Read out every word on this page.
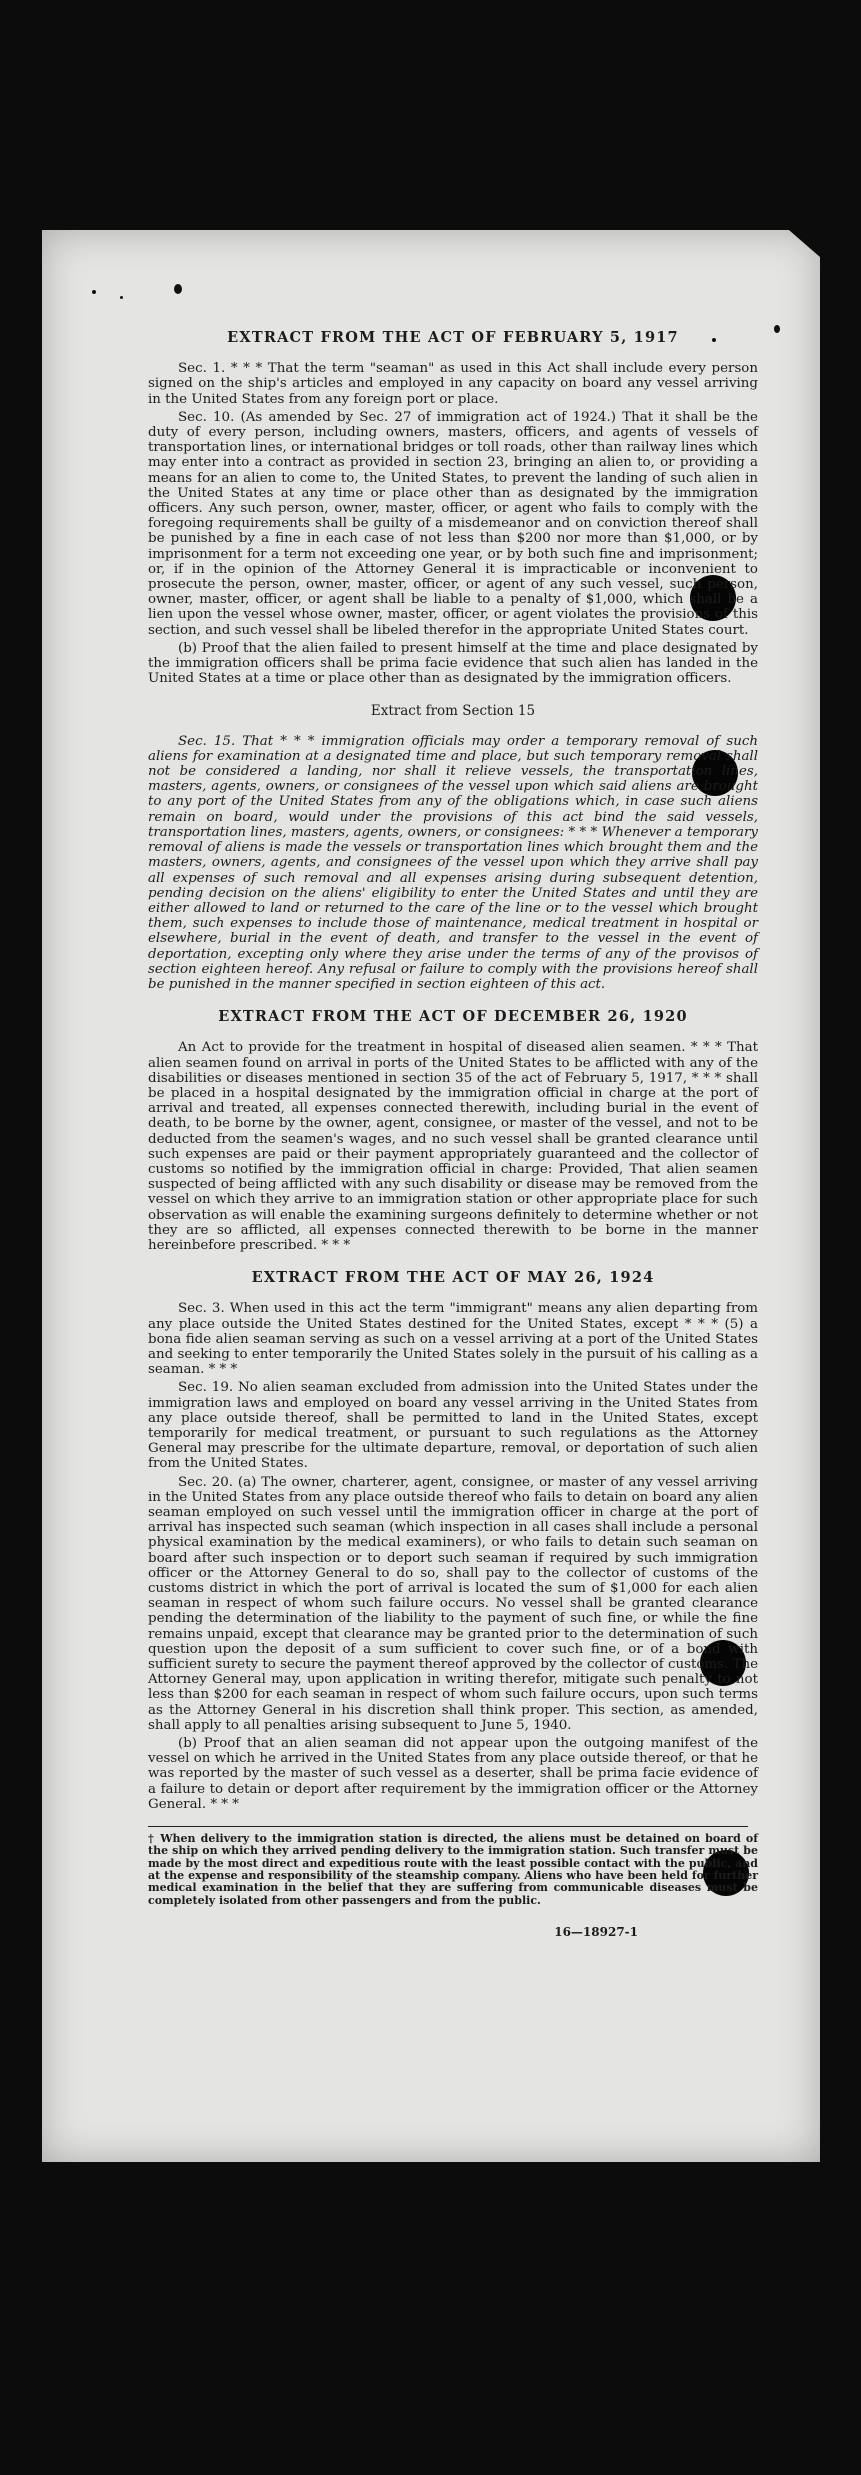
EXTRACT FROM THE ACT OF FEBRUARY 5, 1917

Sec. 1. * * * That the term "seaman" as used in this Act shall include every person signed on the ship's articles and employed in any capacity on board any vessel arriving in the United States from any foreign port or place.

Sec. 10. (As amended by Sec. 27 of immigration act of 1924.) That it shall be the duty of every person, including owners, masters, officers, and agents of vessels of transportation lines, or international bridges or toll roads, other than railway lines which may enter into a contract as provided in section 23, bringing an alien to, or providing a means for an alien to come to, the United States, to prevent the landing of such alien in the United States at any time or place other than as designated by the immigration officers. Any such person, owner, master, officer, or agent who fails to comply with the foregoing requirements shall be guilty of a misdemeanor and on conviction thereof shall be punished by a fine in each case of not less than $200 nor more than $1,000, or by imprisonment for a term not exceeding one year, or by both such fine and imprisonment; or, if in the opinion of the Attorney General it is impracticable or inconvenient to prosecute the person, owner, master, officer, or agent of any such vessel, such person, owner, master, officer, or agent shall be liable to a penalty of $1,000, which shall be a lien upon the vessel whose owner, master, officer, or agent violates the provisions of this section, and such vessel shall be libeled therefor in the appropriate United States court.

(b) Proof that the alien failed to present himself at the time and place designated by the immigration officers shall be prima facie evidence that such alien has landed in the United States at a time or place other than as designated by the immigration officers.

Extract from Section 15

Sec. 15. That * * * immigration officials may order a temporary removal of such aliens for examination at a designated time and place, but such temporary removal shall not be considered a landing, nor shall it relieve vessels, the transportation lines, masters, agents, owners, or consignees of the vessel upon which said aliens are brought to any port of the United States from any of the obligations which, in case such aliens remain on board, would under the provisions of this act bind the said vessels, transportation lines, masters, agents, owners, or consignees: * * * Whenever a temporary removal of aliens is made the vessels or transportation lines which brought them and the masters, owners, agents, and consignees of the vessel upon which they arrive shall pay all expenses of such removal and all expenses arising during subsequent detention, pending decision on the aliens' eligibility to enter the United States and until they are either allowed to land or returned to the care of the line or to the vessel which brought them, such expenses to include those of maintenance, medical treatment in hospital or elsewhere, burial in the event of death, and transfer to the vessel in the event of deportation, excepting only where they arise under the terms of any of the provisos of section eighteen hereof. Any refusal or failure to comply with the provisions hereof shall be punished in the manner specified in section eighteen of this act.

EXTRACT FROM THE ACT OF DECEMBER 26, 1920

An Act to provide for the treatment in hospital of diseased alien seamen. * * * That alien seamen found on arrival in ports of the United States to be afflicted with any of the disabilities or diseases mentioned in section 35 of the act of February 5, 1917, * * * shall be placed in a hospital designated by the immigration official in charge at the port of arrival and treated, all expenses connected therewith, including burial in the event of death, to be borne by the owner, agent, consignee, or master of the vessel, and not to be deducted from the seamen's wages, and no such vessel shall be granted clearance until such expenses are paid or their payment appropriately guaranteed and the collector of customs so notified by the immigration official in charge: Provided, That alien seamen suspected of being afflicted with any such disability or disease may be removed from the vessel on which they arrive to an immigration station or other appropriate place for such observation as will enable the examining surgeons definitely to determine whether or not they are so afflicted, all expenses connected therewith to be borne in the manner hereinbefore prescribed. * * *

EXTRACT FROM THE ACT OF MAY 26, 1924

Sec. 3. When used in this act the term "immigrant" means any alien departing from any place outside the United States destined for the United States, except * * * (5) a bona fide alien seaman serving as such on a vessel arriving at a port of the United States and seeking to enter temporarily the United States solely in the pursuit of his calling as a seaman. * * *

Sec. 19. No alien seaman excluded from admission into the United States under the immigration laws and employed on board any vessel arriving in the United States from any place outside thereof, shall be permitted to land in the United States, except temporarily for medical treatment, or pursuant to such regulations as the Attorney General may prescribe for the ultimate departure, removal, or deportation of such alien from the United States.

Sec. 20. (a) The owner, charterer, agent, consignee, or master of any vessel arriving in the United States from any place outside thereof who fails to detain on board any alien seaman employed on such vessel until the immigration officer in charge at the port of arrival has inspected such seaman (which inspection in all cases shall include a personal physical examination by the medical examiners), or who fails to detain such seaman on board after such inspection or to deport such seaman if required by such immigration officer or the Attorney General to do so, shall pay to the collector of customs of the customs district in which the port of arrival is located the sum of $1,000 for each alien seaman in respect of whom such failure occurs. No vessel shall be granted clearance pending the determination of the liability to the payment of such fine, or while the fine remains unpaid, except that clearance may be granted prior to the determination of such question upon the deposit of a sum sufficient to cover such fine, or of a bond with sufficient surety to secure the payment thereof approved by the collector of customs. The Attorney General may, upon application in writing therefor, mitigate such penalty to not less than $200 for each seaman in respect of whom such failure occurs, upon such terms as the Attorney General in his discretion shall think proper. This section, as amended, shall apply to all penalties arising subsequent to June 5, 1940.

(b) Proof that an alien seaman did not appear upon the outgoing manifest of the vessel on which he arrived in the United States from any place outside thereof, or that he was reported by the master of such vessel as a deserter, shall be prima facie evidence of a failure to detain or deport after requirement by the immigration officer or the Attorney General. * * *

† When delivery to the immigration station is directed, the aliens must be detained on board of the ship on which they arrived pending delivery to the immigration station. Such transfer must be made by the most direct and expeditious route with the least possible contact with the public, and at the expense and responsibility of the steamship company. Aliens who have been held for further medical examination in the belief that they are suffering from communicable diseases must be completely isolated from other passengers and from the public.

16—18927-1
